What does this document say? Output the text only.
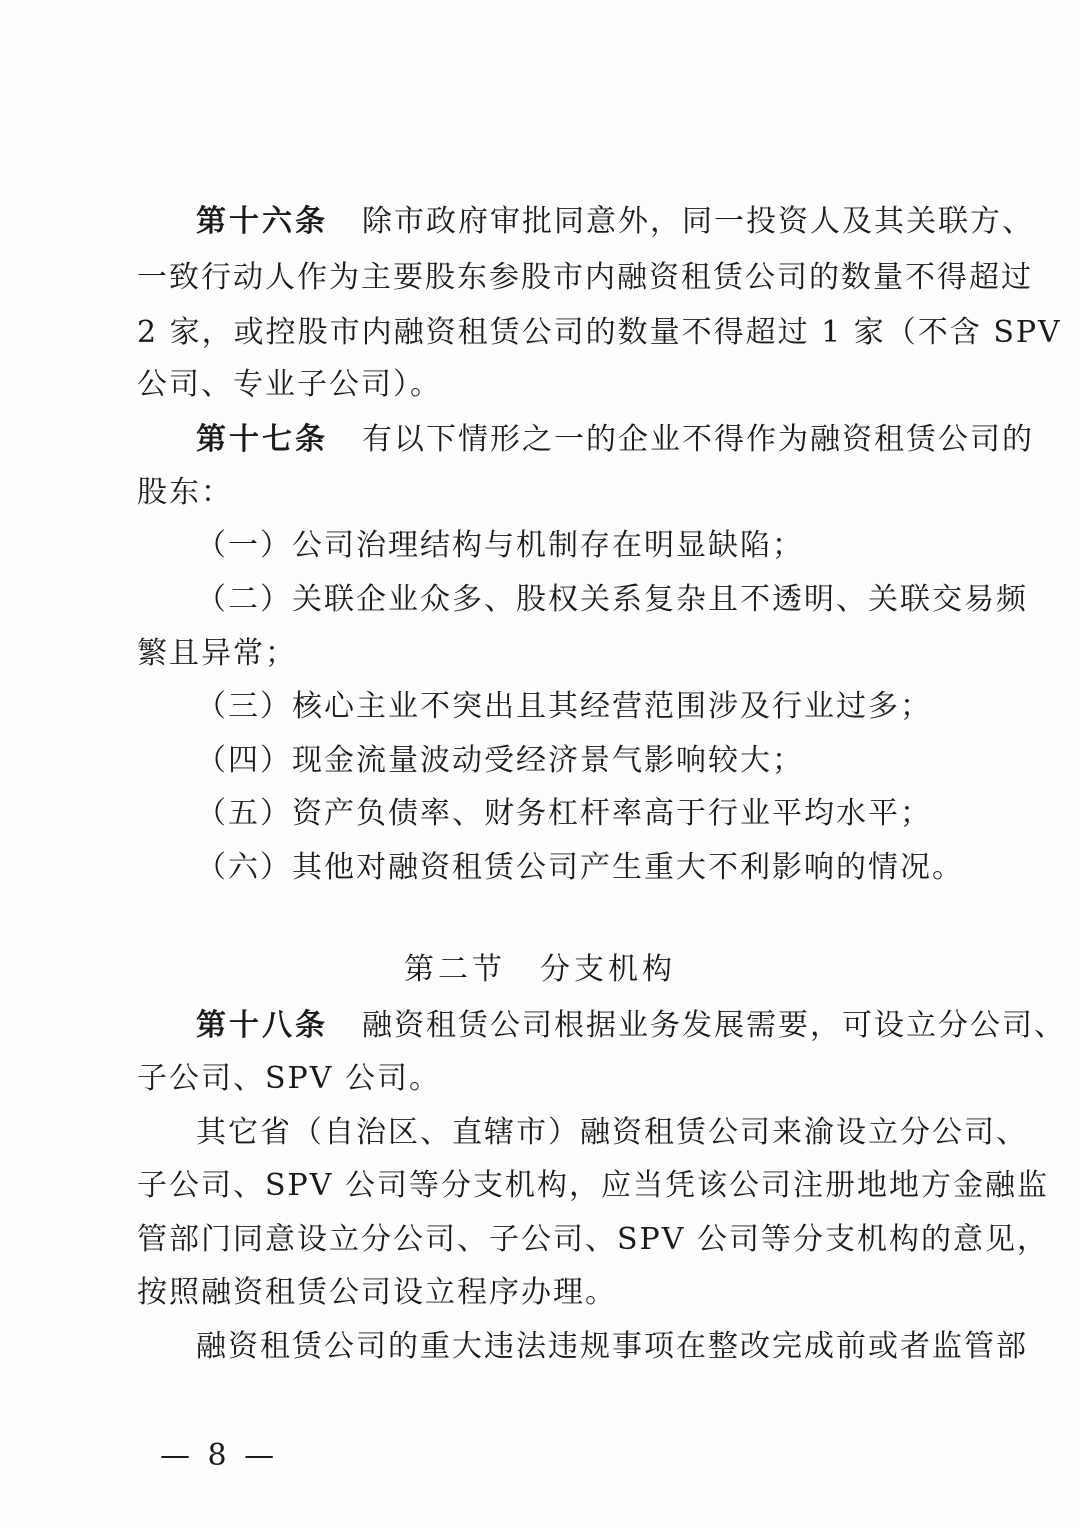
第十六条 除市政府审批同意外，同一投资人及其关联方、
一致行动人作为主要股东参股市内融资租赁公司的数量不得超过
2 家，或控股市内融资租赁公司的数量不得超过 1 家（不含 SPV
公司、专业子公司）。
第十七条 有以下情形之一的企业不得作为融资租赁公司的
股东：
（一）公司治理结构与机制存在明显缺陷；
（二）关联企业众多、股权关系复杂且不透明、关联交易频
繁且异常；
（三）核心主业不突出且其经营范围涉及行业过多；
（四）现金流量波动受经济景气影响较大；
（五）资产负债率、财务杠杆率高于行业平均水平；
（六）其他对融资租赁公司产生重大不利影响的情况。
第二节 分支机构
第十八条 融资租赁公司根据业务发展需要，可设立分公司、
子公司、SPV 公司。
其它省（自治区、直辖市）融资租赁公司来渝设立分公司、
子公司、SPV 公司等分支机构，应当凭该公司注册地地方金融监
管部门同意设立分公司、子公司、SPV 公司等分支机构的意见，
按照融资租赁公司设立程序办理。
融资租赁公司的重大违法违规事项在整改完成前或者监管部
— 8 —
